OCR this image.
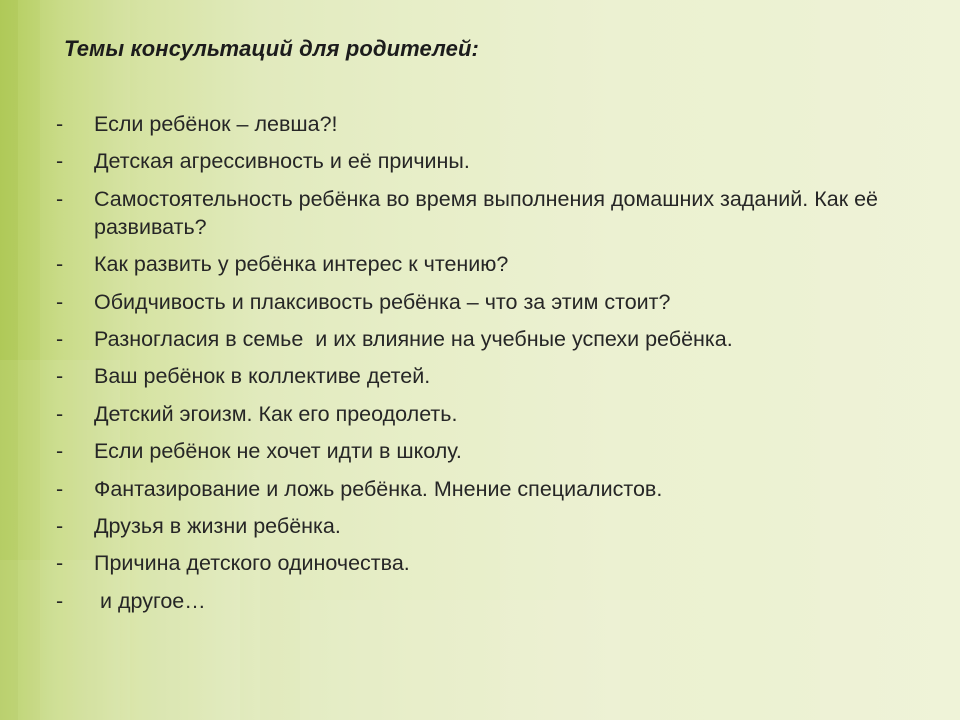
Темы консультаций для родителей:
-	Если ребёнок – левша?!
-	Детская агрессивность и её причины.
-	Самостоятельность ребёнка во время выполнения домашних заданий. Как её развивать?
-	Как развить у ребёнка интерес к чтению?
-	Обидчивость и плаксивость ребёнка – что за этим стоит?
-	Разногласия в семье  и их влияние на учебные успехи ребёнка.
-	Ваш ребёнок в коллективе детей.
-	Детский эгоизм. Как его преодолеть.
-	Если ребёнок не хочет идти в школу.
-	Фантазирование и ложь ребёнка. Мнение специалистов.
-	Друзья в жизни ребёнка.
-	Причина детского одиночества.
-	и другое…
